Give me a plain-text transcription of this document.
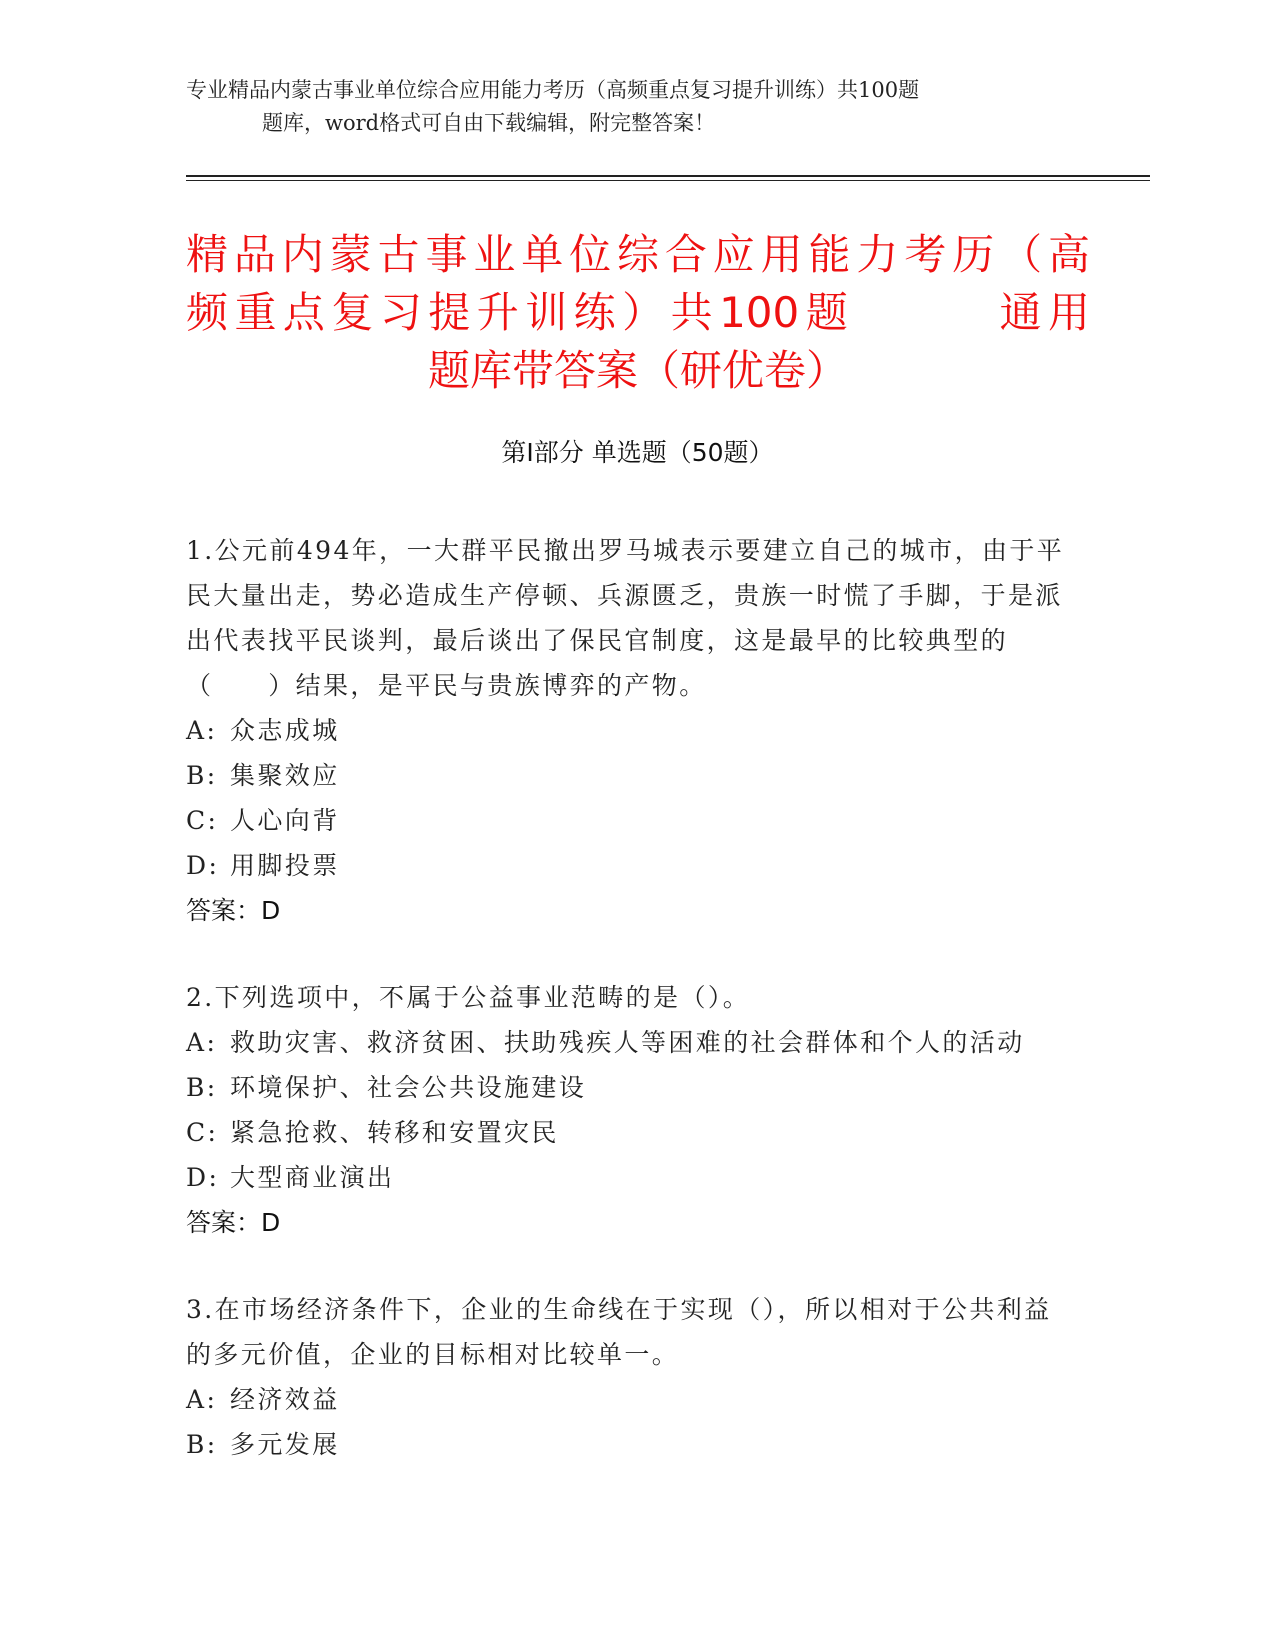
专业精品内蒙古事业单位综合应用能力考历（高频重点复习提升训练）共100题
题库，word格式可自由下载编辑，附完整答案！
精品内蒙古事业单位综合应用能力考历（高
频重点复习提升训练）共100题　　　通用
题库带答案（研优卷）
第Ⅰ部分 单选题（50题）
1.公元前494年，一大群平民撤出罗马城表示要建立自己的城市，由于平民大量出走，势必造成生产停顿、兵源匮乏，贵族一时慌了手脚，于是派出代表找平民谈判，最后谈出了保民官制度，这是最早的比较典型的（　　）结果，是平民与贵族博弈的产物。
A: 众志成城
B: 集聚效应
C: 人心向背
D: 用脚投票
答案：D
2.下列选项中，不属于公益事业范畴的是（）。
A: 救助灾害、救济贫困、扶助残疾人等困难的社会群体和个人的活动
B: 环境保护、社会公共设施建设
C: 紧急抢救、转移和安置灾民
D: 大型商业演出
答案：D
3.在市场经济条件下，企业的生命线在于实现（），所以相对于公共利益的多元价值，企业的目标相对比较单一。
A: 经济效益
B: 多元发展
